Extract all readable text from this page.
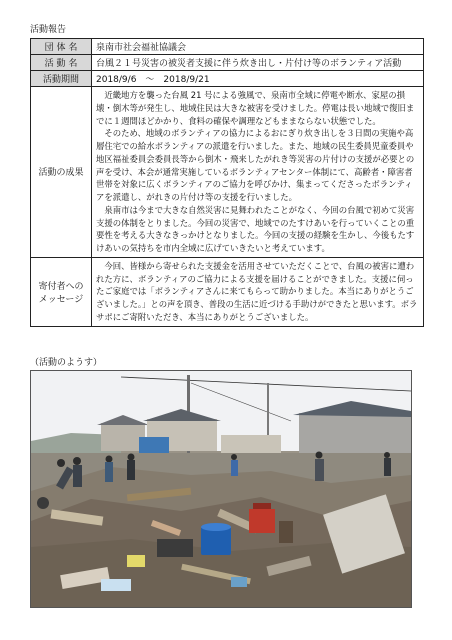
活動報告
団 体 名	泉南市社会福祉協議会
活 動 名	台風２１号災害の被災者支援に伴う炊き出し・片付け等のボランティア活動
活動期間	2018/9/6　～　2018/9/21
活動の成果	近畿地方を襲った台風 21 号による強風で、泉南市全域に停電や断水、家屋の損壊・倒木等が発生し、地域住民は大きな被害を受けました。停電は長い地域で復旧までに１週間ほどかかり、食料の確保や調理などもままならない状態でした。

そのため、地域のボランティアの協力によるおにぎり炊き出しを３日間の実施や高層住宅での給水ボランティアの派遣を行いました。また、地域の民生委員児童委員や地区福祉委員会委員長等から倒木・飛来したがれき等災害の片付けの支援が必要との声を受け、本会が通常実施しているボランティアセンター体制にて、高齢者・障害者世帯を対象に広くボランティアのご協力を呼びかけ、集まってくださったボランティアを派遣し、がれきの片付け等の支援を行いました。

泉南市は今まで大きな自然災害に見舞われたことがなく、今回の台風で初めて災害支援の体制をとりました。今回の災害で、地域でのたすけあいを行っていくことの重要性を考える大きなきっかけとなりました。今回の支援の経験を生かし、今後もたすけあいの気持ちを市内全域に広げていきたいと考えています。

寄付者への
メッセージ	今回、皆様から寄せられた支援金を活用させていただくことで、台風の被害に遭われた方に、ボランティアのご協力による支援を届けることができました。支援に伺ったご家庭では「ボランティアさんに来てもらって助かりました。本当にありがとうございました。」との声を頂き、普段の生活に近づける手助けができたと思います。ボラサポにご寄附いただき、本当にありがとうございました。

（活動のようす）
